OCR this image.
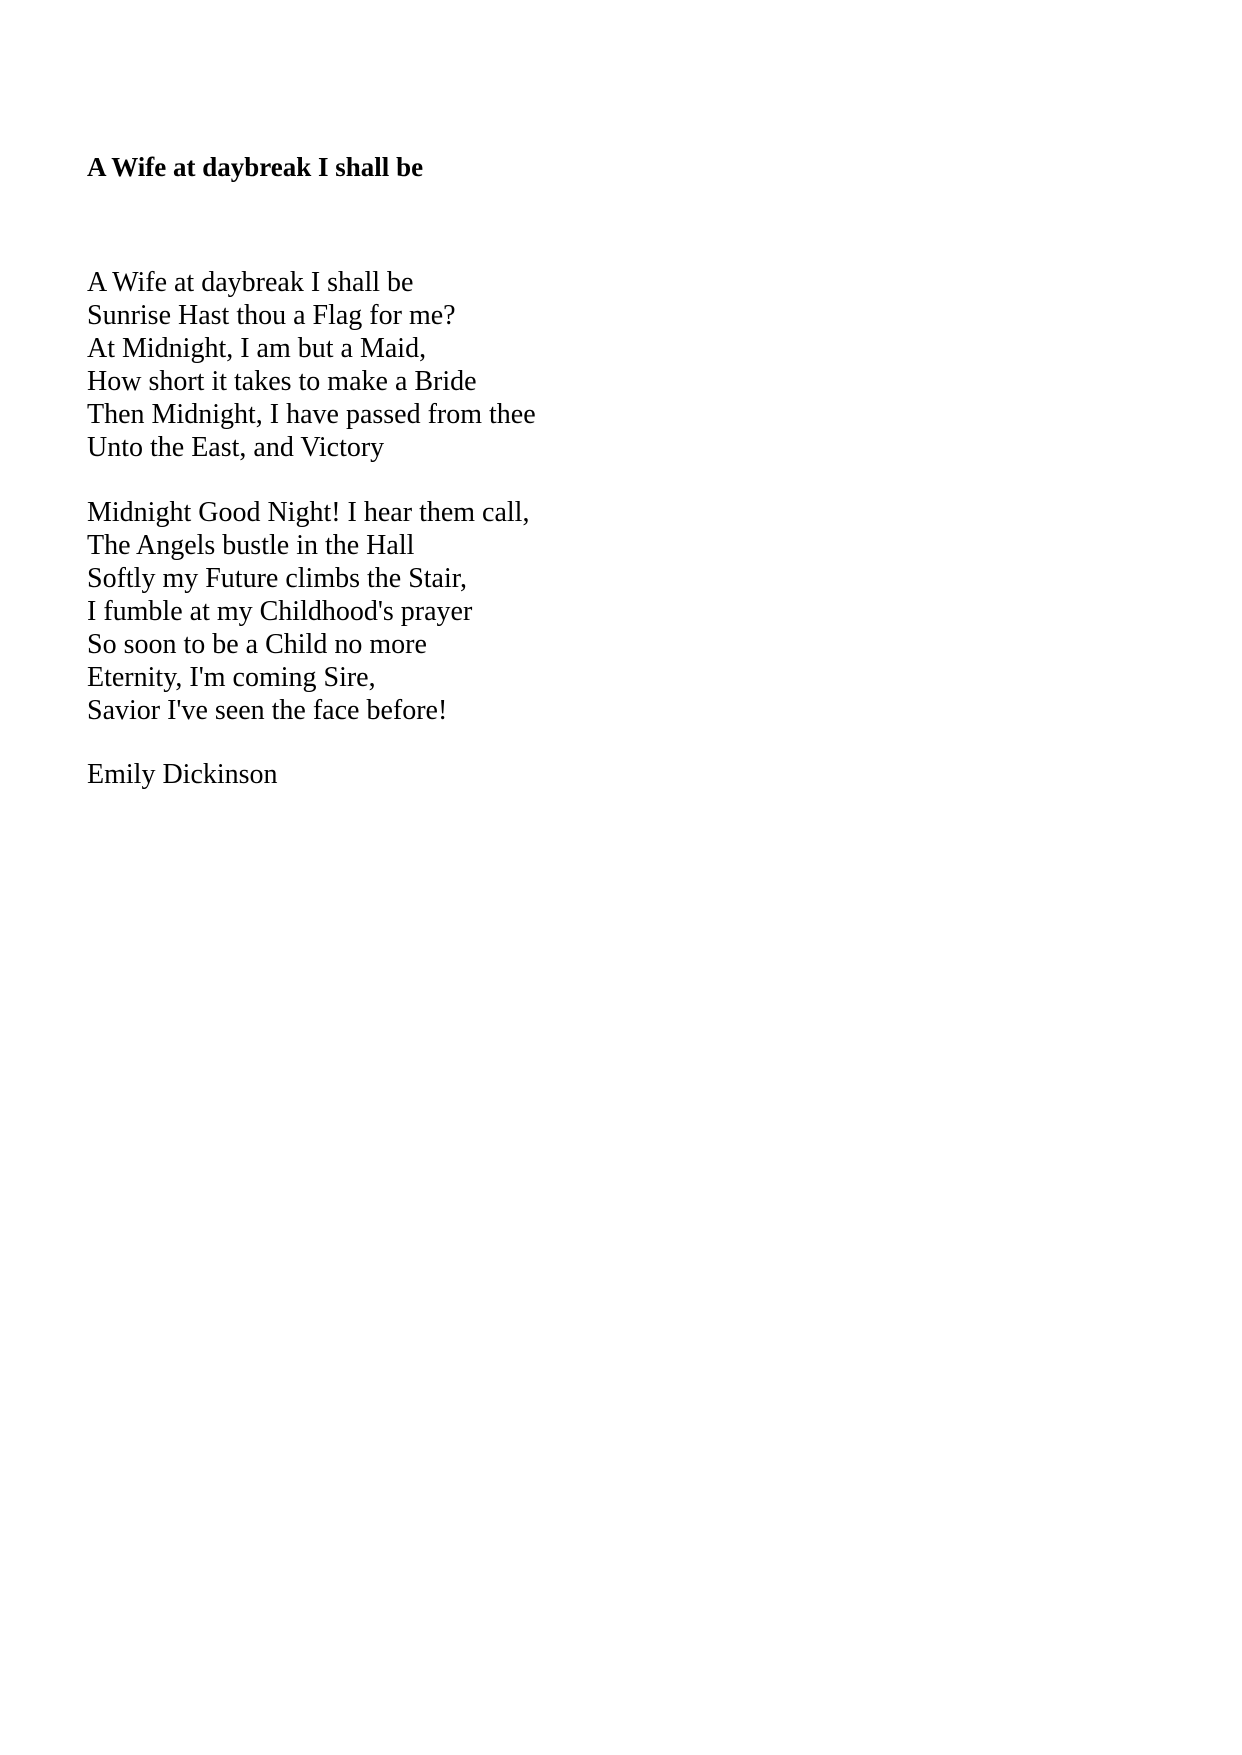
A Wife at daybreak I shall be
A Wife at daybreak I shall be
Sunrise Hast thou a Flag for me?
At Midnight, I am but a Maid,
How short it takes to make a Bride
Then Midnight, I have passed from thee
Unto the East, and Victory
Midnight Good Night! I hear them call,
The Angels bustle in the Hall
Softly my Future climbs the Stair,
I fumble at my Childhood's prayer
So soon to be a Child no more
Eternity, I'm coming Sire,
Savior I've seen the face before!

Emily Dickinson
